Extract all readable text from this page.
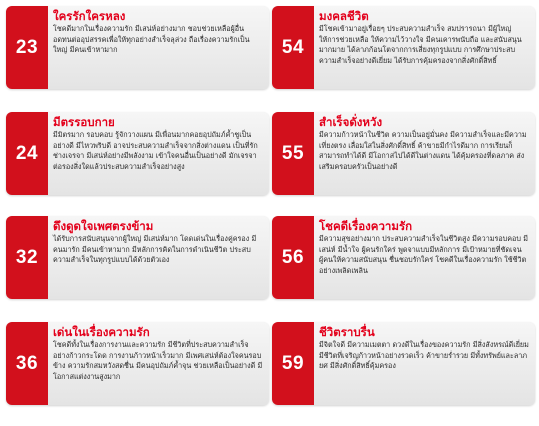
23
ใครรักใครหลง
โชคดีมากในเรื่องความรัก มีเสน่ห์อย่างมาก ชอบช่วยเหลือผู้อื่น อดทนต่ออุปสรรคเพื่อให้ทุกอย่างสำเร็จลุล่วง ถือเรื่องความรักเป็นใหญ่ มีคนเข้าหามาก	54
มงคลชีวิต
มีโชคเข้ามาอยู่เรื่อยๆ ประสบความสำเร็จ สมปรารถนา มีผู้ใหญ่ให้การช่วยเหลือ ให้ความไว้วางใจ มีคนเคารพนับถือ และสนับสนุนมากมาย ได้ลาภก้อนโตจากการเสี่ยงทุกรูปแบบ การศึกษาประสบความสำเร็จอย่างดีเยี่ยม ได้รับการคุ้มครองจากสิ่งศักดิ์สิทธิ์
24
มีตรรอบกาย
มีมิตรมาก รอบคอบ รู้จักวางแผน มีเพื่อนมากคอยอุปถัมภ์ค้ำชูเป็นอย่างดี มีไหวพริบดี อาจประสบความสำเร็จจากสิ่งต่างแดน เป็นที่รัก ช่างเจรจา มีเสน่ห์อย่างมีพลังงาม เข้าใจคนอื่นเป็นอย่างดี มักเจรจาต่อรองสิ่งใดแล้วประสบความสำเร็จอย่างสูง
55
สำเร็จดั่งหวัง
มีความก้าวหน้าในชีวิต ความเป็นอยู่มั่นคง มีความสำเร็จและมีความเที่ยงตรง เลื่อมใสในสิ่งศักดิ์สิทธิ์ ค้าขายมีกำไรดีมาก การเรียนก็สามารถทำได้ดี มีโอกาสไปได้ดีในต่างแดน ได้คุ้มครองที่ดลภาค ส่งเสริมครอบครัวเป็นอย่างดี
32
ดึงดูดใจเพศตรงข้าม
ได้รับการสนับสนุนจากผู้ใหญ่ มีเสน่ห์มาก โดดเด่นในเรื่องคู่ครอง มีคนมารัก มีคนเข้าหามาก มีหลักการคิดในการดำเนินชีวิต ประสบความสำเร็จในทุกรูปแบบได้ด้วยตัวเอง	56
โชคดีเรื่องความรัก
มีความสุขอย่างมาก ประสบความสำเร็จในชีวิตสูง มีความรอบคอบ มีเสน่ห์ มีน้ำใจ ผู้คนรักใคร่ พูดจาแบบมีหลักการ มีเป้าหมายที่ชัดเจน ผู้คนให้ความสนับสนุน ชื่นชอบรักใคร่ โชคดีในเรื่องความรัก ใช้ชีวิตอย่างเพลิดเพลิน
36
เด่นในเรื่องความรัก
โชคดีทั้งในเรื่องการงานและความรัก มีชีวิตที่ประสบความสำเร็จอย่างก้าวกระโดด การงานก้าวหน้าเร็วมาก มีเพศเสน่ห์ต้องใจคนรอบข้าง ความรักสมหวังสดชื่น มีคนอุปถัมภ์ค้ำจุน ช่วยเหลือเป็นอย่างดี มีโอกาสแต่งงานสูงมาก
59
ชีวิตราบรื่น
มีจิตใจดี มีความเมตตา ดวงดีในเรื่องของความรัก มีสิ่งสังหรณ์ดีเยี่ยม มีชีวิตที่เจริญก้าวหน้าอย่างรวดเร็ว ค้าขายร่ำรวย มีทั้งทรัพย์และลาภยศ มีสิ่งศักดิ์สิทธิ์คุ้มครอง
